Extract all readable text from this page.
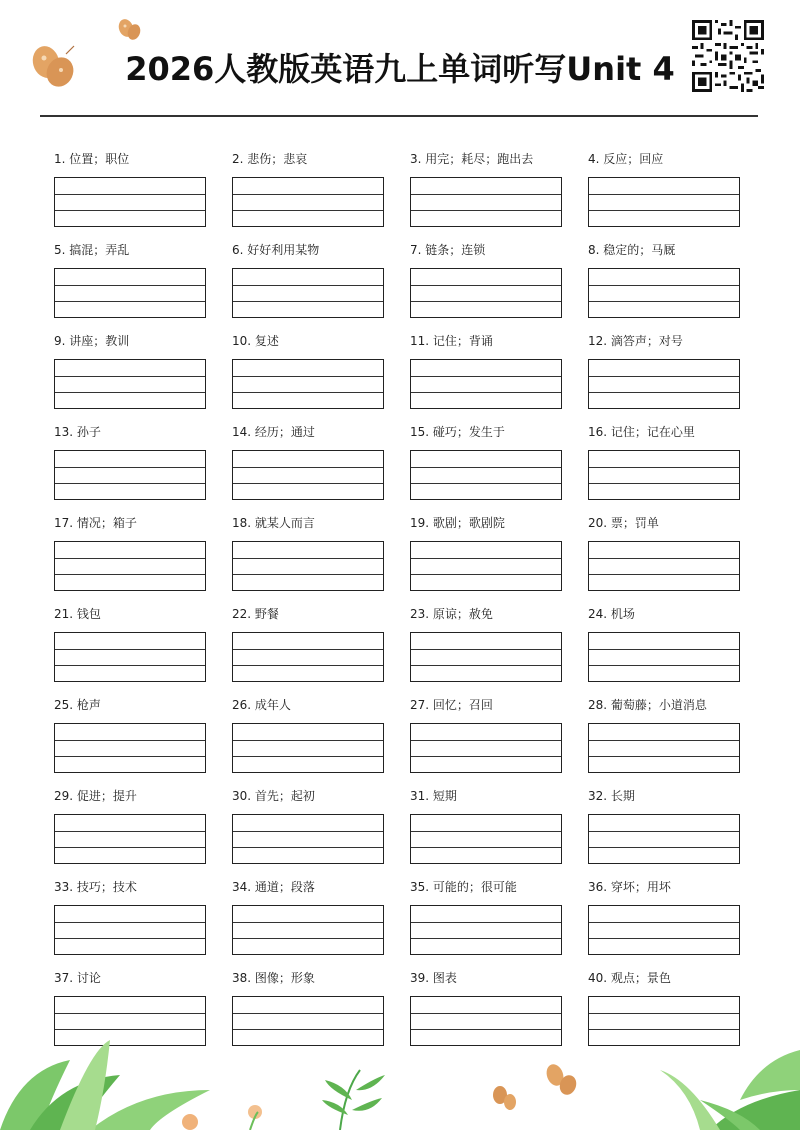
2026人教版英语九上单词听写Unit 4
1. 位置；职位	2. 悲伤；悲哀	3. 用完；耗尽；跑出去	4. 反应；回应
5. 搞混；弄乱	6. 好好利用某物	7. 链条；连锁	8. 稳定的；马厩
9. 讲座；教训	10. 复述	11. 记住；背诵	12. 滴答声；对号
13. 孙子	14. 经历；通过	15. 碰巧；发生于	16. 记住；记在心里
17. 情况；箱子	18. 就某人而言	19. 歌剧；歌剧院	20. 票；罚单
21. 钱包	22. 野餐	23. 原谅；赦免	24. 机场
25. 枪声	26. 成年人	27. 回忆；召回	28. 葡萄藤；小道消息
29. 促进；提升	30. 首先；起初	31. 短期	32. 长期
33. 技巧；技术	34. 通道；段落	35. 可能的；很可能	36. 穿坏；用坏
37. 讨论	38. 图像；形象	39. 图表	40. 观点；景色
